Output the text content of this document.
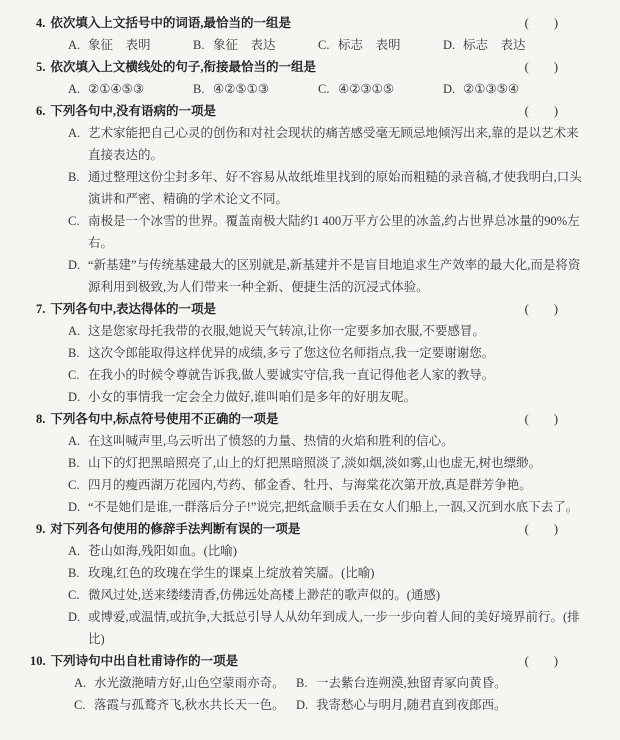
4. 依次填入上文括号中的词语,最恰当的一组是	(        )
A. 象征　表明	B. 象征　表达	C. 标志　表明	D. 标志　表达
5. 依次填入上文横线处的句子,衔接最恰当的一组是	(        )
A. ②①④⑤③	B. ④②⑤①③	C. ④②③①⑤	D. ②①③⑤④
6. 下列各句中,没有语病的一项是	(        )
A. 艺术家能把自己心灵的创伤和对社会现状的痛苦感受毫无顾忌地倾泻出来,靠的是以艺术来直接表达的。
B. 通过整理这份尘封多年、好不容易从故纸堆里找到的原始而粗糙的录音稿,才使我明白,口头演讲和严密、精确的学术论文不同。
C. 南极是一个冰雪的世界。覆盖南极大陆约1 400万平方公里的冰盖,约占世界总冰量的90%左右。
D. “新基建”与传统基建最大的区别就是,新基建并不是盲目地追求生产效率的最大化,而是将资源利用到极致,为人们带来一种全新、便捷生活的沉浸式体验。
7. 下列各句中,表达得体的一项是	(        )
A. 这是您家母托我带的衣服,她说天气转凉,让你一定要多加衣服,不要感冒。
B. 这次令郎能取得这样优异的成绩,多亏了您这位名师指点,我一定要谢谢您。
C. 在我小的时候令尊就告诉我,做人要诚实守信,我一直记得他老人家的教导。
D. 小女的事情我一定会全力做好,谁叫咱们是多年的好朋友呢。
8. 下列各句中,标点符号使用不正确的一项是	(        )
A. 在这叫喊声里,乌云听出了愤怒的力量、热情的火焰和胜利的信心。
B. 山下的灯把黑暗照亮了,山上的灯把黑暗照淡了,淡如烟,淡如雾,山也虚无,树也缥缈。
C. 四月的瘦西湖万花园内,芍药、郁金香、牡丹、与海棠花次第开放,真是群芳争艳。
D. “不是她们是谁,一群落后分子!”说完,把纸盒顺手丢在女人们船上,一泅,又沉到水底下去了。
9. 对下列各句使用的修辞手法判断有误的一项是	(        )
A. 苍山如海,残阳如血。(比喻)
B. 玫瑰,红色的玫瑰在学生的课桌上绽放着笑靥。(比喻)
C. 微风过处,送来缕缕清香,仿佛远处高楼上渺茫的歌声似的。(通感)
D. 或博爱,或温情,或抗争,大抵总引导人从幼年到成人,一步一步向着人间的美好境界前行。(排比)
10. 下列诗句中出自杜甫诗作的一项是	(        )
A. 水光潋滟晴方好,山色空蒙雨亦奇。 B. 一去紫台连朔漠,独留青冢向黄昏。
C. 落霞与孤鹜齐飞,秋水共长天一色。 D. 我寄愁心与明月,随君直到夜郎西。
